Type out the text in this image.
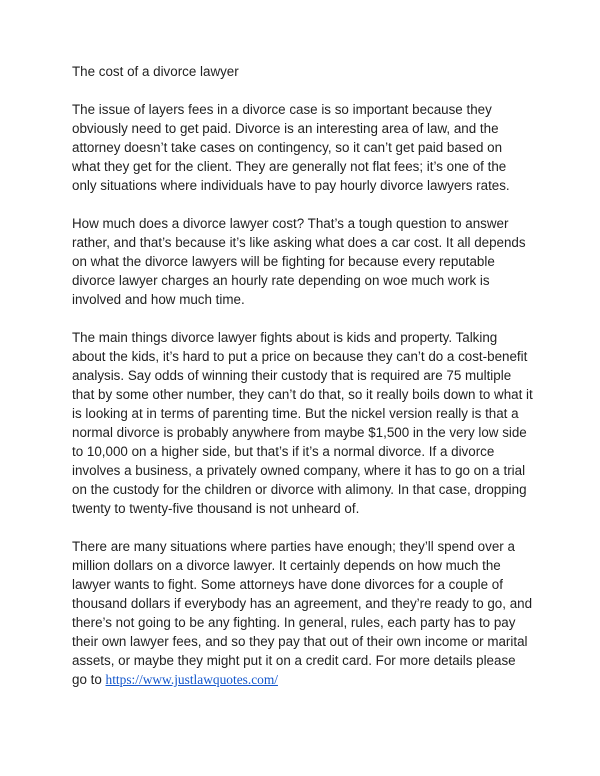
The cost of a divorce lawyer

The issue of layers fees in a divorce case is so important because they obviously need to get paid. Divorce is an interesting area of law, and the attorney doesn’t take cases on contingency, so it can’t get paid based on what they get for the client. They are generally not flat fees; it’s one of the only situations where individuals have to pay hourly divorce lawyers rates.

How much does a divorce lawyer cost? That’s a tough question to answer rather, and that’s because it’s like asking what does a car cost. It all depends on what the divorce lawyers will be fighting for because every reputable divorce lawyer charges an hourly rate depending on woe much work is involved and how much time.

The main things divorce lawyer fights about is kids and property. Talking about the kids, it’s hard to put a price on because they can’t do a cost-benefit analysis. Say odds of winning their custody that is required are 75 multiple that by some other number, they can’t do that, so it really boils down to what it is looking at in terms of parenting time. But the nickel version really is that a normal divorce is probably anywhere from maybe $1,500 in the very low side to 10,000 on a higher side, but that’s if it’s a normal divorce. If a divorce involves a business, a privately owned company, where it has to go on a trial on the custody for the children or divorce with alimony. In that case, dropping twenty to twenty-five thousand is not unheard of.

There are many situations where parties have enough; they’ll spend over a million dollars on a divorce lawyer. It certainly depends on how much the lawyer wants to fight. Some attorneys have done divorces for a couple of thousand dollars if everybody has an agreement, and they’re ready to go, and there’s not going to be any fighting. In general, rules, each party has to pay their own lawyer fees, and so they pay that out of their own income or marital assets, or maybe they might put it on a credit card. For more details please go to https://www.justlawquotes.com/
